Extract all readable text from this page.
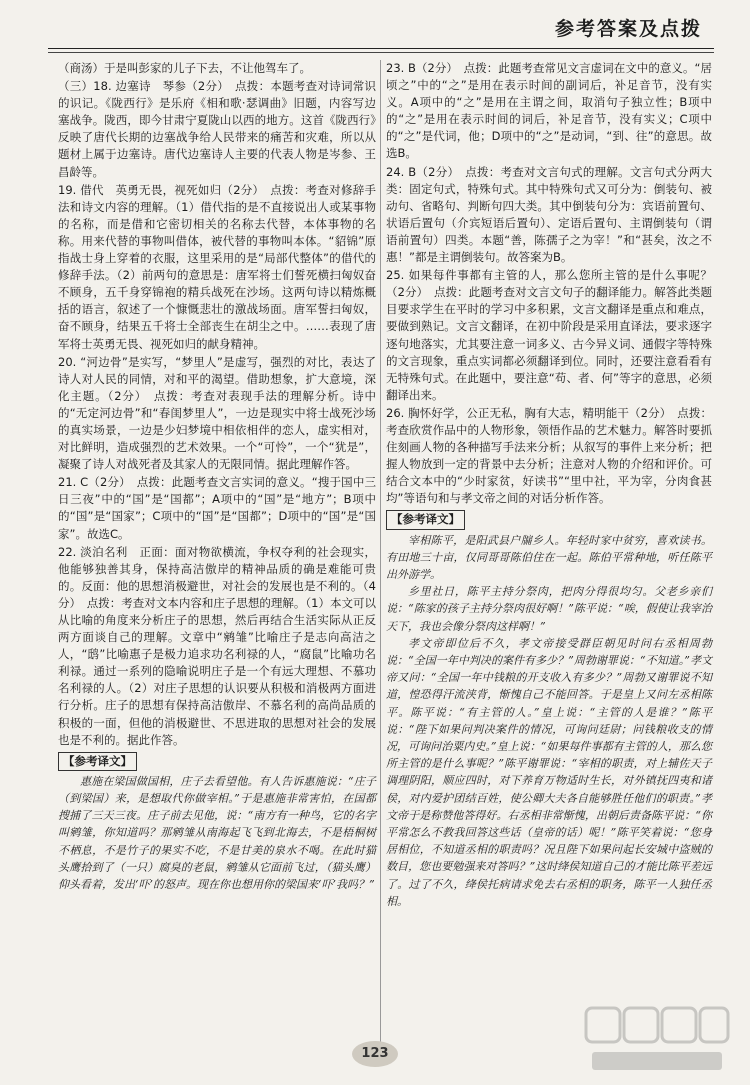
参考答案及点拨

（商汤）于是叫彭家的儿子下去，不让他驾车了。

（三）18. 边塞诗　琴参（2分）　点拨：本题考查对诗词常识的识记。《陇西行》是乐府《相和歌·瑟调曲》旧题，内容写边塞战争。陇西，即今甘肃宁夏陇山以西的地方。这首《陇西行》反映了唐代长期的边塞战争给人民带来的痛苦和灾难，所以从题材上属于边塞诗。唐代边塞诗人主要的代表人物是岑参、王昌龄等。

19. 借代　英勇无畏，视死如归（2分）　点拨：考查对修辞手法和诗文内容的理解。（1）借代指的是不直接说出人或某事物的名称，而是借和它密切相关的名称去代替，本体事物的名称。用来代替的事物叫借体，被代替的事物叫本体。“貂锦”原指战士身上穿着的衣服，这里采用的是“局部代整体”的借代的修辞手法。（2）前两句的意思是：唐军将士们誓死横扫匈奴奋不顾身，五千身穿锦袍的精兵战死在沙场。这两句诗以精炼概括的语言，叙述了一个慷慨悲壮的激战场面。唐军誓扫匈奴，奋不顾身，结果五千将士全部丧生在胡尘之中。……表现了唐军将士英勇无畏、视死如归的献身精神。

20. “河边骨”是实写，“梦里人”是虚写，强烈的对比，表达了诗人对人民的同情，对和平的渴望。借助想象，扩大意境，深化主题。（2分）　点拨：考查对表现手法的理解分析。诗中的“无定河边骨”和“春闺梦里人”，一边是现实中将士战死沙场的真实场景，一边是少妇梦境中相依相伴的恋人，虚实相对，对比鲜明，造成强烈的艺术效果。一个“可怜”，一个“犹是”，凝聚了诗人对战死者及其家人的无限同情。据此理解作答。

21. C（2分）　点拨：此题考查文言实词的意义。“搜于国中三日三夜”中的“国”是“国都”；A项中的“国”是“地方”；B项中的“国”是“国家”；C项中的“国”是“国都”；D项中的“国”是“国家”。故选C。

22. 淡泊名利　正面：面对物欲横流，争权夺利的社会现实，他能够独善其身，保持高洁傲岸的精神品质的确是难能可贵的。反面：他的思想消极避世，对社会的发展也是不利的。（4分）　点拨：考查对文本内容和庄子思想的理解。（1）本文可以从比喻的角度来分析庄子的思想，然后再结合生活实际从正反两方面谈自己的理解。文章中“鹓雏”比喻庄子是志向高洁之人，“鸱”比喻惠子是极力追求功名利禄的人，“腐鼠”比喻功名利禄。通过一系列的隐喻说明庄子是一个有远大理想、不慕功名利禄的人。（2）对庄子思想的认识要从积极和消极两方面进行分析。庄子的思想有保持高洁傲岸、不慕名利的高尚品质的积极的一面，但他的消极避世、不思进取的思想对社会的发展也是不利的。据此作答。

【参考译文】

惠施在梁国做国相，庄子去看望他。有人告诉惠施说：“庄子（到梁国）来，是想取代你做宰相。”于是惠施非常害怕，在国都搜捕了三天三夜。庄子前去见他，说：“南方有一种鸟，它的名字叫鹓雏，你知道吗？那鹓雏从南海起飞飞到北海去，不是梧桐树不栖息，不是竹子的果实不吃，不是甘美的泉水不喝。在此时猫头鹰拾到了（一只）腐臭的老鼠，鹓雏从它面前飞过，（猫头鹰）仰头看着，发出‘吓’的怒声。现在你也想用你的梁国来‘吓’我吗？”

23. B（2分）　点拨：此题考查常见文言虚词在文中的意义。“居顷之”中的“之”是用在表示时间的副词后，补足音节，没有实义。A项中的“之”是用在主谓之间，取消句子独立性；B项中的“之”是用在表示时间的词后，补足音节，没有实义；C项中的“之”是代词，他；D项中的“之”是动词，“到、往”的意思。故选B。

24. B（2分）　点拨：考查对文言句式的理解。文言句式分两大类：固定句式，特殊句式。其中特殊句式又可分为：倒装句、被动句、省略句、判断句四大类。其中倒装句分为：宾语前置句、状语后置句（介宾短语后置句）、定语后置句、主谓倒装句（谓语前置句）四类。本题“善，陈孺子之为宰！”和“甚矣，汝之不惠！”都是主谓倒装句。故答案为B。

25. 如果每件事都有主管的人，那么您所主管的是什么事呢？（2分）　点拨：此题考查对文言文句子的翻译能力。解答此类题目要求学生在平时的学习中多积累，文言文翻译是重点和难点，要做到熟记。文言文翻译，在初中阶段是采用直译法，要求逐字逐句地落实，尤其要注意一词多义、古今异义词、通假字等特殊的文言现象，重点实词都必须翻译到位。同时，还要注意看看有无特殊句式。在此题中，要注意“苟、者、何”等字的意思，必须翻译出来。

26. 胸怀好学，公正无私，胸有大志，精明能干（2分）　点拨：考查欣赏作品中的人物形象，领悟作品的艺术魅力。解答时要抓住刻画人物的各种描写手法来分析；从叙写的事件上来分析；把握人物放到一定的背景中去分析；注意对人物的介绍和评价。可结合文本中的“少时家贫，好读书”“里中社，平为宰，分肉食甚均”等语句和与孝文帝之间的对话分析作答。

【参考译文】

宰相陈平，是阳武县户牖乡人。年轻时家中贫穷，喜欢读书。有田地三十亩，仅同哥哥陈伯住在一起。陈伯平常种地，听任陈平出外游学。

乡里社日，陈平主持分祭肉，把肉分得很均匀。父老乡亲们说：“陈家的孩子主持分祭肉很好啊！”陈平说：“唉，假使让我宰治天下，我也会像分祭肉这样啊！”

孝文帝即位后不久，孝文帝接受群臣朝见时问右丞相周勃说：“全国一年中判决的案件有多少？”周勃谢罪说：“不知道。”孝文帝又问：“全国一年中钱粮的开支收入有多少？”周勃又谢罪说不知道，惶恐得汗流浃背，惭愧自己不能回答。于是皇上又问左丞相陈平。陈平说：“有主管的人。”皇上说：“主管的人是谁？”陈平说：“陛下如果问判决案件的情况，可询问廷尉；问钱粮收支的情况，可询问治粟内史。”皇上说：“如果每件事都有主管的人，那么您所主管的是什么事呢？”陈平谢罪说：“宰相的职责，对上辅佐天子调理阴阳，顺应四时，对下养育万物适时生长，对外镇抚四夷和诸侯，对内爱护团结百姓，使公卿大夫各自能够胜任他们的职责。”孝文帝于是称赞他答得好。右丞相非常惭愧，出朝后责备陈平说：“你平常怎么不教我回答这些话（皇帝的话）呢！”陈平笑着说：“您身居相位，不知道丞相的职责吗？况且陛下如果问起长安城中盗贼的数目，您也要勉强来对答吗？”这时绛侯知道自己的才能比陈平差远了。过了不久，绛侯托病请求免去右丞相的职务，陈平一人独任丞相。

123
